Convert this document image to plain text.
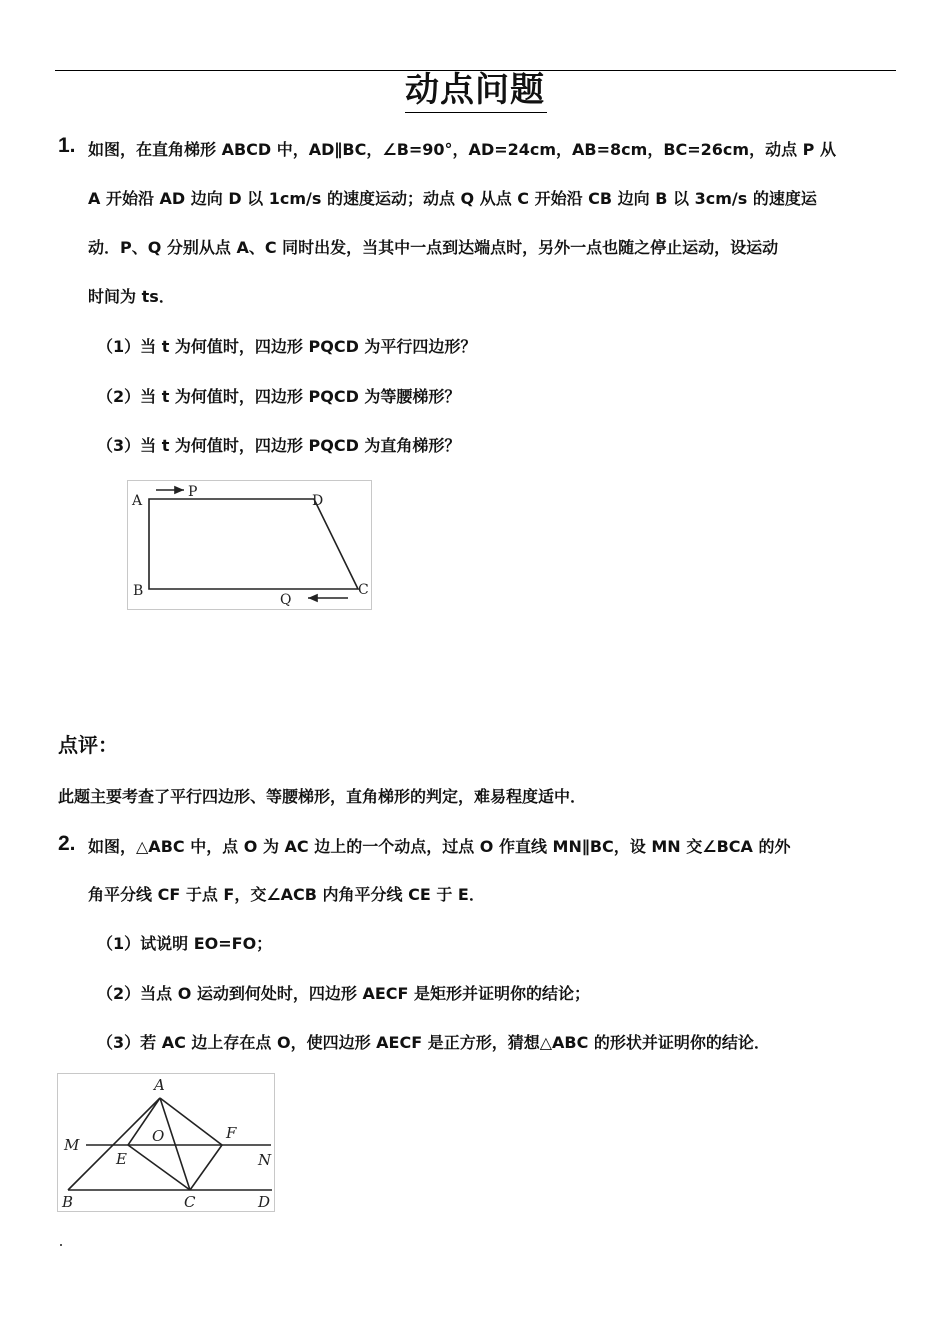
动点问题
1. 如图，在直角梯形 ABCD 中，AD∥BC，∠B=90°，AD=24cm，AB=8cm，BC=26cm，动点 P 从
A 开始沿 AD 边向 D 以 1cm/s 的速度运动；动点 Q 从点 C 开始沿 CB 边向 B 以 3cm/s 的速度运
动．P、Q 分别从点 A、C 同时出发，当其中一点到达端点时，另外一点也随之停止运动，设运动
时间为 ts．
（1）当 t 为何值时，四边形 PQCD 为平行四边形？
（2）当 t 为何值时，四边形 PQCD 为等腰梯形？
（3）当 t 为何值时，四边形 PQCD 为直角梯形？
A
P
D
B
Q
C
点评：
此题主要考查了平行四边形、等腰梯形，直角梯形的判定，难易程度适中．
2. 如图，△ABC 中，点 O 为 AC 边上的一个动点，过点 O 作直线 MN∥BC，设 MN 交∠BCA 的外
角平分线 CF 于点 F，交∠ACB 内角平分线 CE 于 E．
（1）试说明 EO=FO；
（2）当点 O 运动到何处时，四边形 AECF 是矩形并证明你的结论；
（3）若 AC 边上存在点 O，使四边形 AECF 是正方形，猜想△ABC 的形状并证明你的结论．
A
O	F
M
E	N
B	C	D
